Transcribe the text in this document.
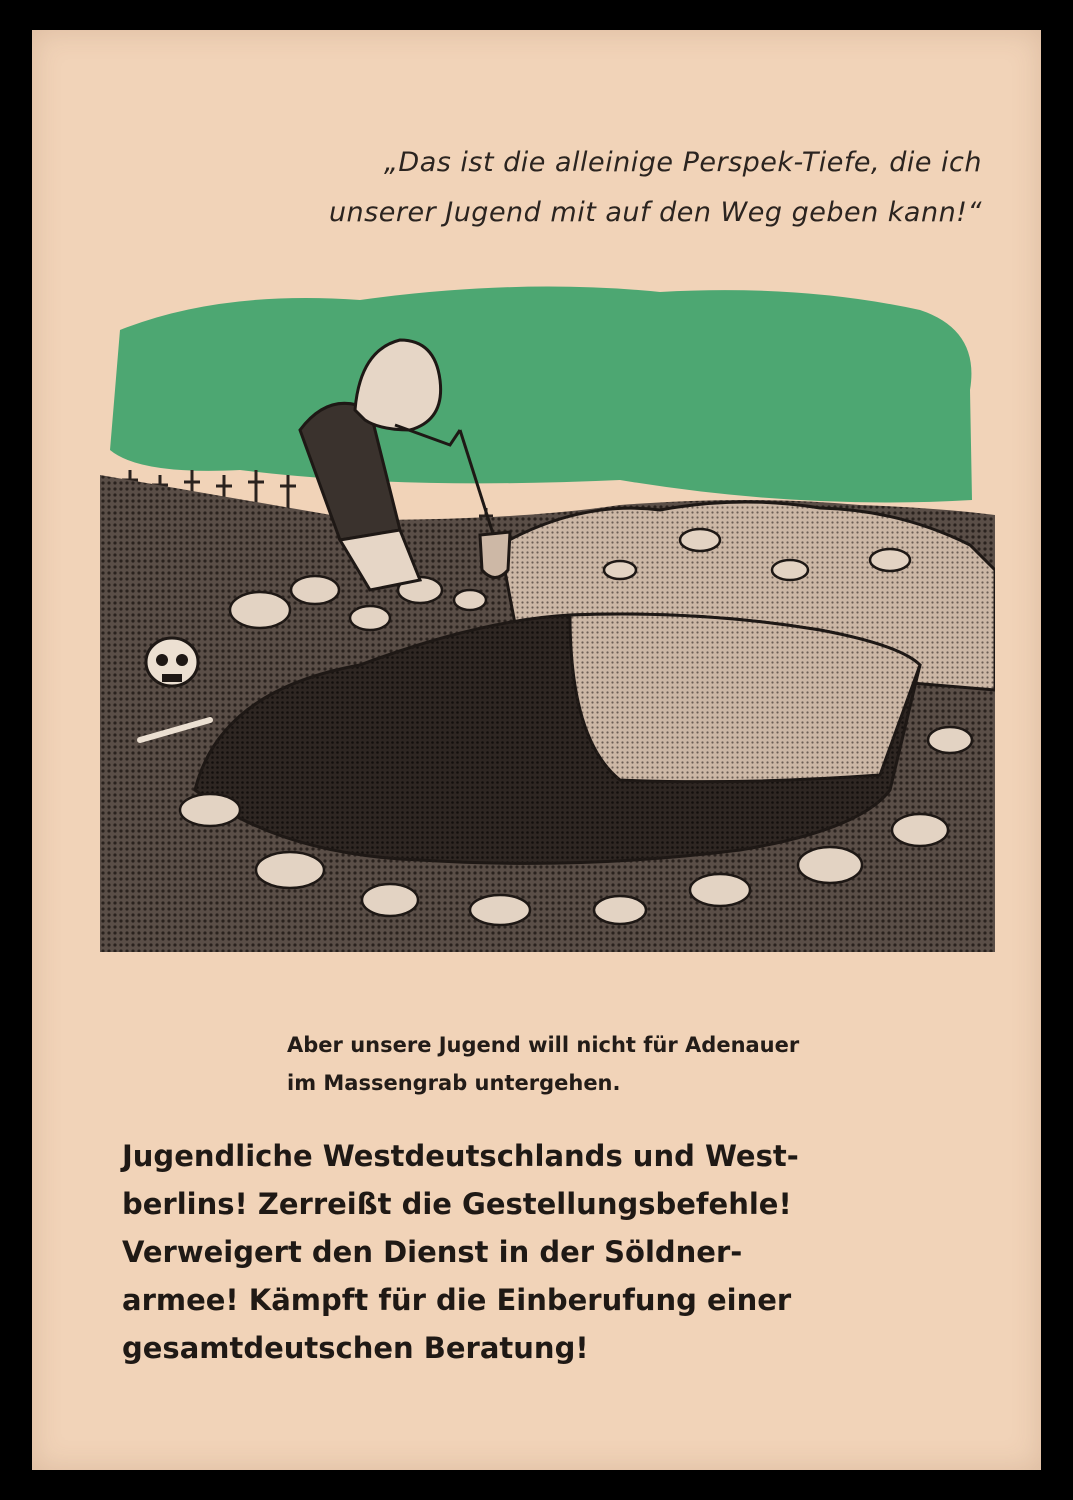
„Das ist die alleinige Perspek-Tiefe, die ich
unserer Jugend mit auf den Weg geben kann!“

Aber unsere Jugend will nicht für Adenauer
im Massengrab untergehen.

Jugendliche Westdeutschlands und West-
berlins! Zerreißt die Gestellungsbefehle!
Verweigert den Dienst in der Söldner-
armee! Kämpft für die Einberufung einer
gesamtdeutschen Beratung!
